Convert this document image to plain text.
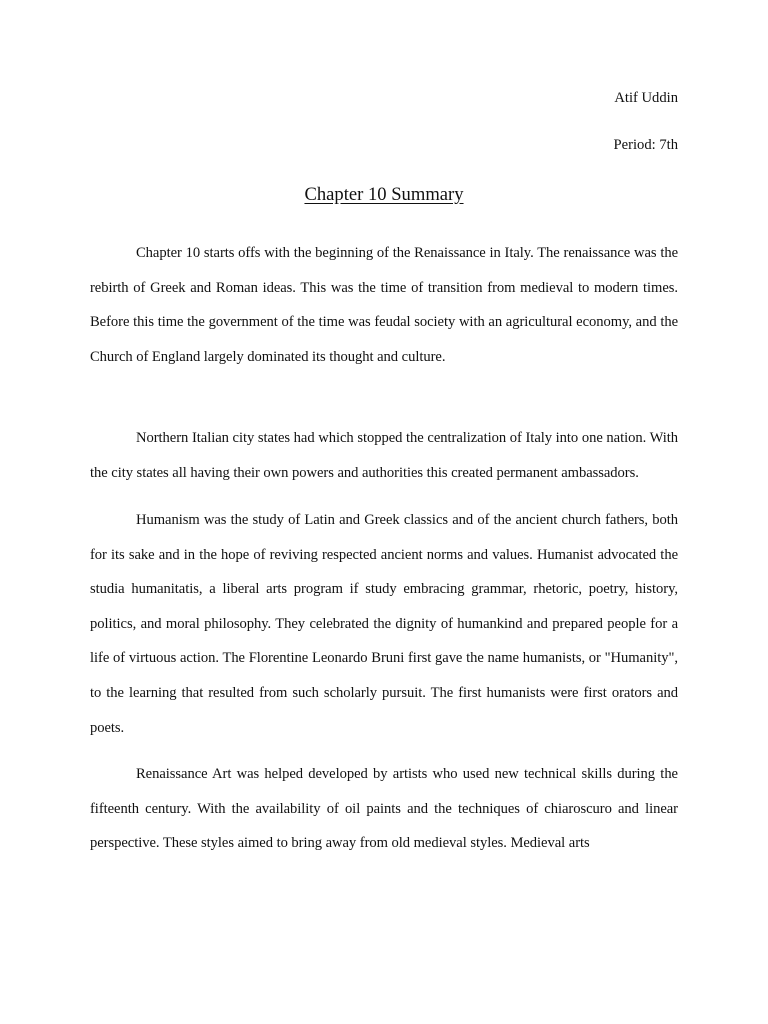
Atif Uddin
Period: 7th
Chapter 10 Summary

Chapter 10 starts offs with the beginning of the Renaissance in Italy. The renaissance was the rebirth of Greek and Roman ideas. This was the time of transition from medieval to modern times. Before this time the government of the time was feudal society with an agricultural economy, and the Church of England largely dominated its thought and culture.

Northern Italian city states had which stopped the centralization of Italy into one nation. With the city states all having their own powers and authorities this created permanent ambassadors.

Humanism was the study of Latin and Greek classics and of the ancient church fathers, both for its sake and in the hope of reviving respected ancient norms and values. Humanist advocated the studia humanitatis, a liberal arts program if study embracing grammar, rhetoric, poetry, history, politics, and moral philosophy. They celebrated the dignity of humankind and prepared people for a life of virtuous action. The Florentine Leonardo Bruni first gave the name humanists, or "Humanity", to the learning that resulted from such scholarly pursuit. The first humanists were first orators and poets.

Renaissance Art was helped developed by artists who used new technical skills during the fifteenth century. With the availability of oil paints and the techniques of chiaroscuro and linear perspective. These styles aimed to bring away from old medieval styles. Medieval arts
